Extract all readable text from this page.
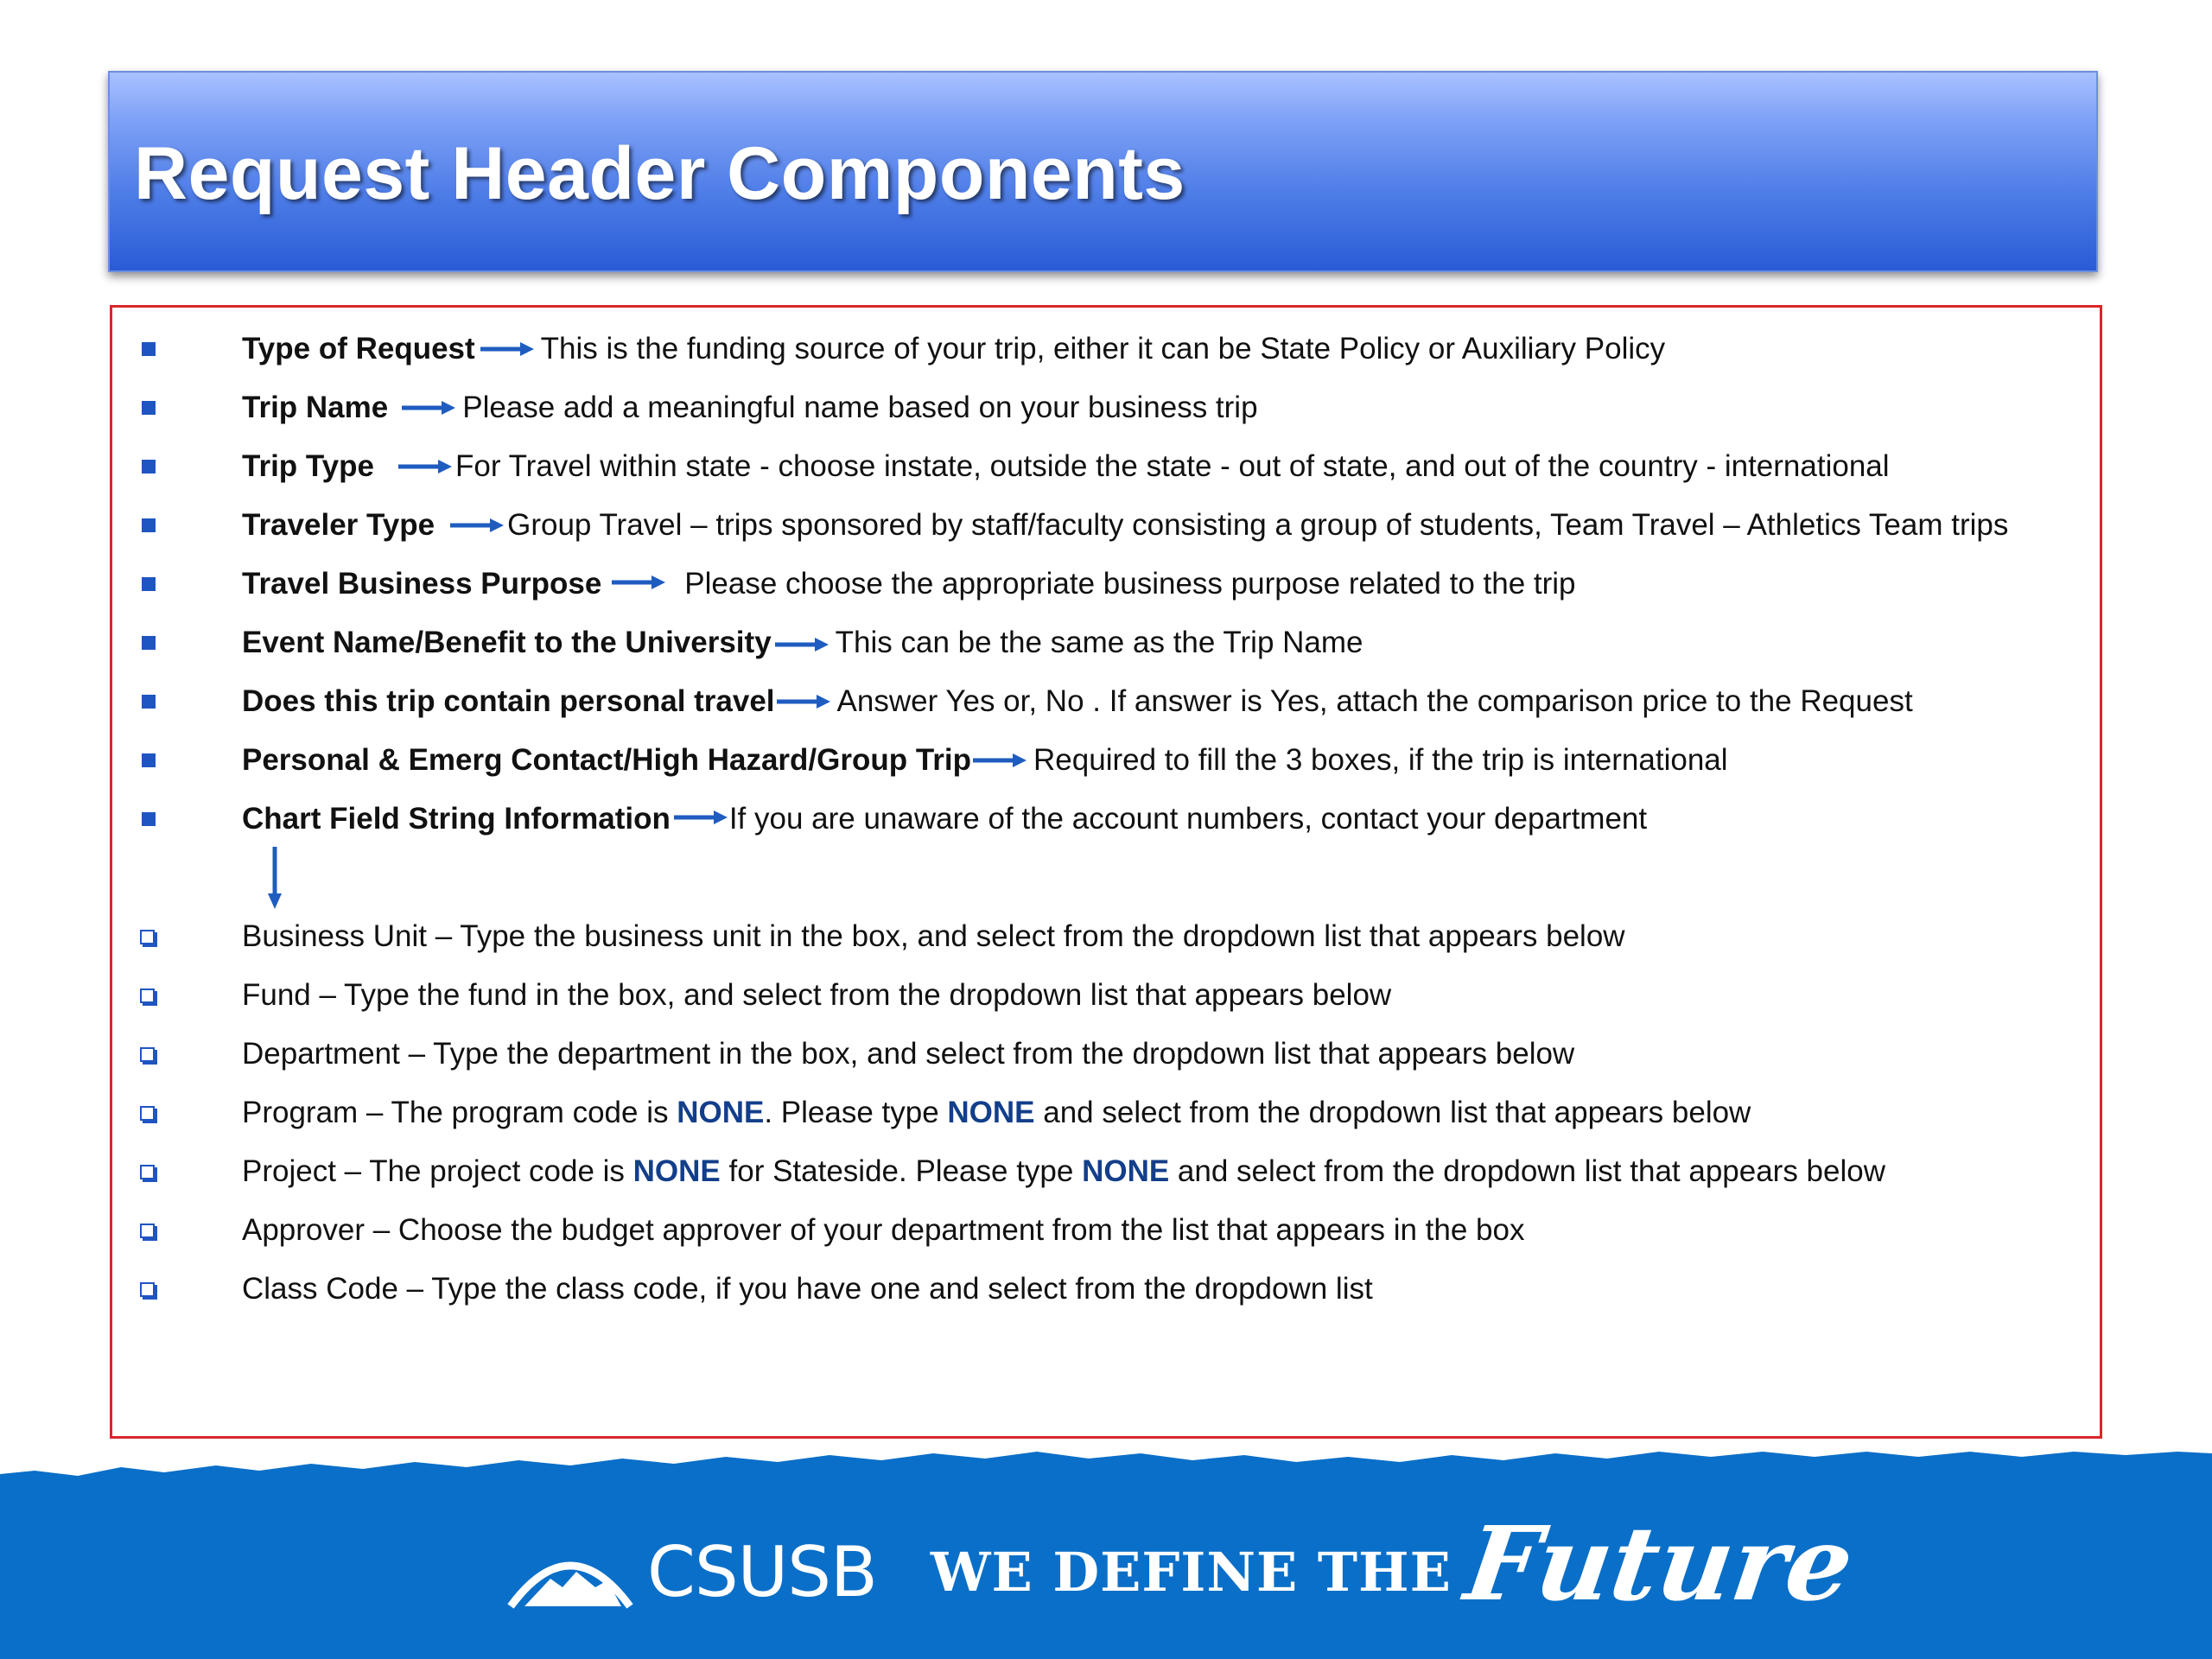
Request Header Components
Type of Request This is the funding source of your trip, either it can be State Policy or Auxiliary Policy
Trip Name Please add a meaningful name based on your business trip
Trip Type	For Travel within state - choose instate, outside the state - out of state, and out of the country - international
Traveler Type Group Travel – trips sponsored by staff/faculty consisting a group of students, Team Travel – Athletics Team trips
Travel Business Purpose	Please choose the appropriate business purpose related to the trip
Event Name/Benefit to the University This can be the same as the Trip Name
Does this trip contain personal travel Answer Yes or, No . If answer is Yes, attach the comparison price to the Request
Personal & Emerg Contact/High Hazard/Group Trip Required to fill the 3 boxes, if the trip is international
Chart Field String Information If you are unaware of the account numbers, contact your department
Business Unit – Type the business unit in the box, and select from the dropdown list that appears below
Fund – Type the fund in the box, and select from the dropdown list that appears below
Department – Type the department in the box, and select from the dropdown list that appears below
Program – The program code is NONE . Please type NONE and select from the dropdown list that appears below
Project – The project code is NONE for Stateside. Please type NONE and select from the dropdown list that appears below
Approver – Choose the budget approver of your department from the list that appears in the box
Class Code – Type the class code, if you have one and select from the dropdown list
CSUSB WE DEFINE THE Future
